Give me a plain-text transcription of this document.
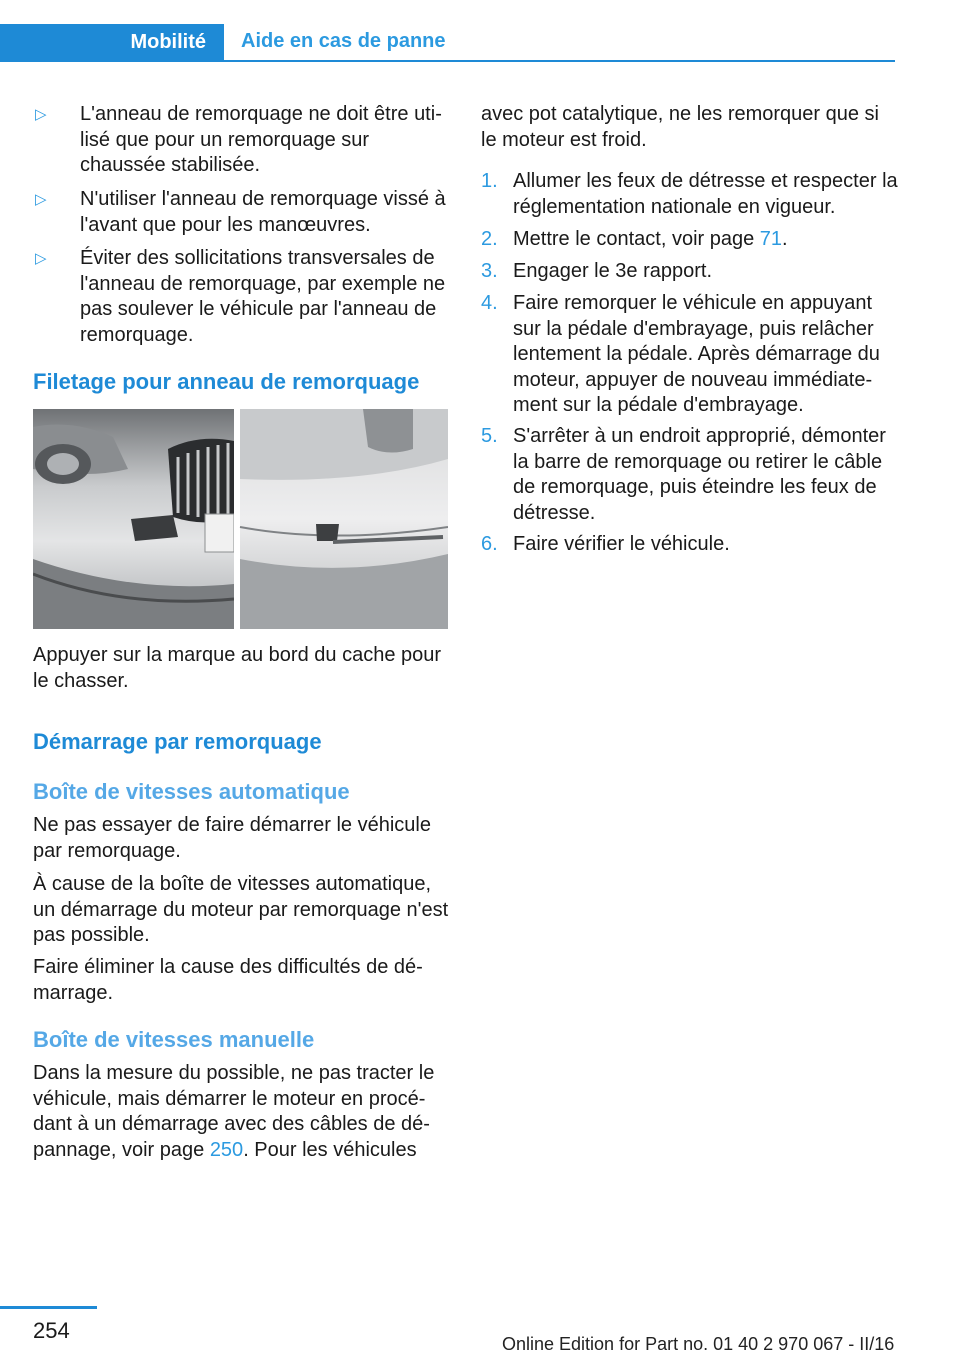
Mobilité Aide en cas de panne
▷	L'anneau de remorquage ne doit être utilisé que pour un remorquage sur chaussée stabilisée.
▷	N'utiliser l'anneau de remorquage vissé à l'avant que pour les manœuvres.
▷	Éviter des sollicitations transversales de l'anneau de remorquage, par exemple ne pas soulever le véhicule par l'anneau de remorquage.
Filetage pour anneau de remorquage
Appuyer sur la marque au bord du cache pour le chasser.
Démarrage par remorquage
Boîte de vitesses automatique
Ne pas essayer de faire démarrer le véhicule par remorquage.
À cause de la boîte de vitesses automatique, un démarrage du moteur par remorquage n'est pas possible.
Faire éliminer la cause des difficultés de démarrage.
Boîte de vitesses manuelle
Dans la mesure du possible, ne pas tracter le véhicule, mais démarrer le moteur en procédant à un démarrage avec des câbles de dépannage, voir page 250. Pour les véhicules
avec pot catalytique, ne les remorquer que si le moteur est froid.
1. Allumer les feux de détresse et respecter la réglementation nationale en vigueur.
2. Mettre le contact, voir page 71.
3. Engager le 3e rapport.
4. Faire remorquer le véhicule en appuyant sur la pédale d'embrayage, puis relâcher lentement la pédale. Après démarrage du moteur, appuyer de nouveau immédiatement sur la pédale d'embrayage.
5. S'arrêter à un endroit approprié, démonter la barre de remorquage ou retirer le câble de remorquage, puis éteindre les feux de détresse.
6. Faire vérifier le véhicule.
254
Online Edition for Part no. 01 40 2 970 067 - II/16
